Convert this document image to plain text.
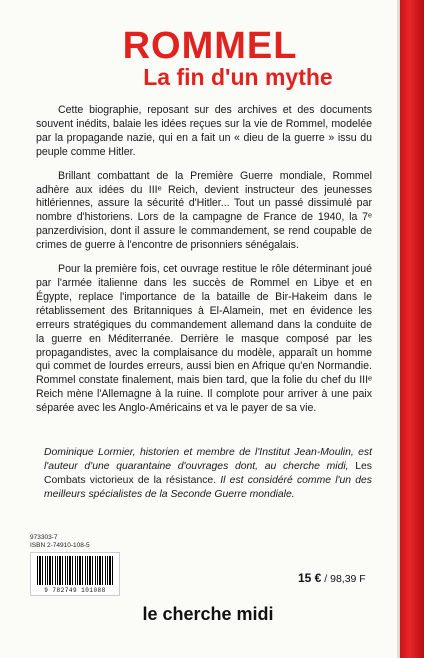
ROMMEL
La fin d'un mythe

Cette biographie, reposant sur des archives et des documents souvent inédits, balaie les idées reçues sur la vie de Rommel, modelée par la propagande nazie, qui en a fait un « dieu de la guerre » issu du peuple comme Hitler.

Brillant combattant de la Première Guerre mondiale, Rommel adhère aux idées du IIIᵉ Reich, devient instructeur des jeunesses hitlériennes, assure la sécurité d'Hitler... Tout un passé dissimulé par nombre d'historiens. Lors de la campagne de France de 1940, la 7ᵉ panzerdivision, dont il assure le commandement, se rend coupable de crimes de guerre à l'encontre de prisonniers sénégalais.

Pour la première fois, cet ouvrage restitue le rôle déterminant joué par l'armée italienne dans les succès de Rommel en Libye et en Égypte, replace l'importance de la bataille de Bir-Hakeim dans le rétablissement des Britanniques à El-Alamein, met en évidence les erreurs stratégiques du commandement allemand dans la conduite de la guerre en Méditerranée. Derrière le masque composé par les propagandistes, avec la complaisance du modèle, apparaît un homme qui commet de lourdes erreurs, aussi bien en Afrique qu'en Normandie. Rommel constate finalement, mais bien tard, que la folie du chef du IIIᵉ Reich mène l'Allemagne à la ruine. Il complote pour arriver à une paix séparée avec les Anglo-Américains et va le payer de sa vie.

Dominique Lormier, historien et membre de l'Institut Jean-Moulin, est l'auteur d'une quarantaine d'ouvrages dont, au cherche midi, Les Combats victorieux de la résistance. Il est considéré comme l'un des meilleurs spécialistes de la Seconde Guerre mondiale.

973303-7
ISBN 2-74910-108-5
9 782749 101088
15 € / 98,39 F
le cherche midi
